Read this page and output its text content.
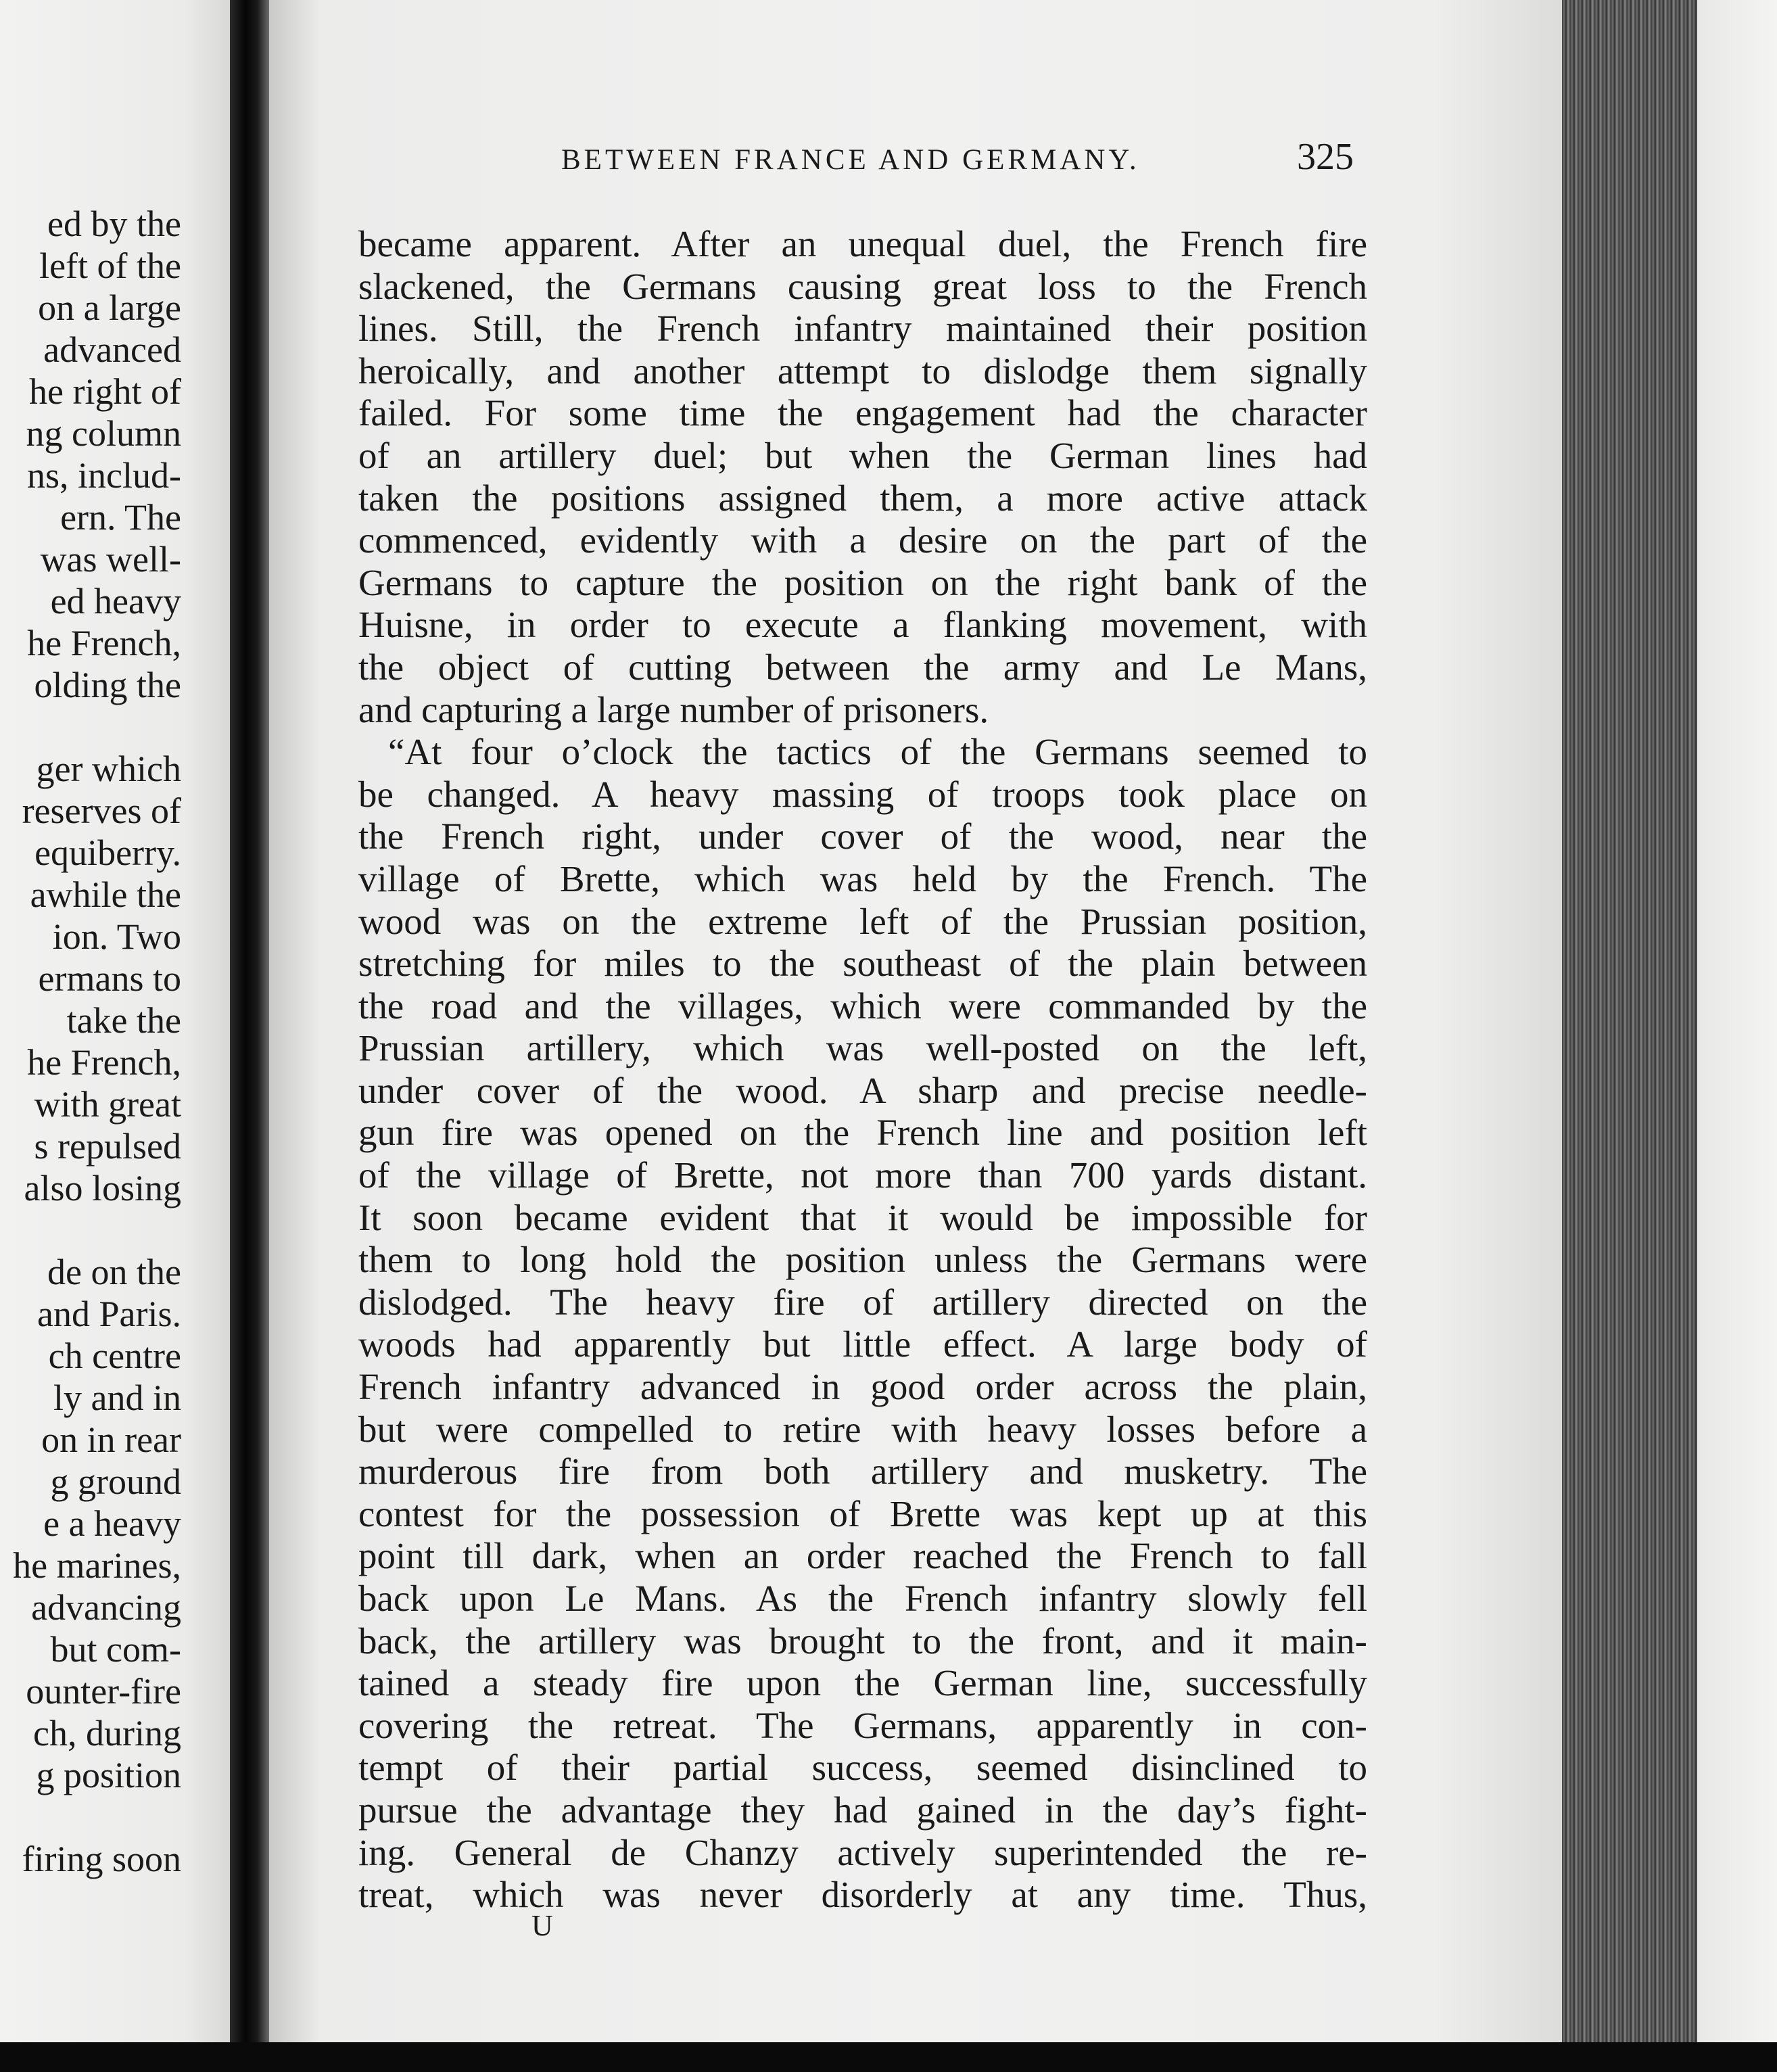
ed by the
left of the
on a large
advanced
he right of
ng column
ns, includ-
ern. The
was well-
ed heavy
he French,
olding the
ger which
reserves of
equiberry.
awhile the
ion. Two
ermans to
take the
he French,
with great
s repulsed
also losing
de on the
and Paris.
ch centre
ly and in
on in rear
g ground
e a heavy
he marines,
advancing
but com-
ounter-fire
ch, during
g position
firing soon
BETWEEN FRANCE AND GERMANY.	325
became apparent. After an unequal duel, the French fire
slackened, the Germans causing great loss to the French
lines. Still, the French infantry maintained their position
heroically, and another attempt to dislodge them signally
failed. For some time the engagement had the character
of an artillery duel; but when the German lines had
taken the positions assigned them, a more active attack
commenced, evidently with a desire on the part of the
Germans to capture the position on the right bank of the
Huisne, in order to execute a flanking movement, with
the object of cutting between the army and Le Mans,
and capturing a large number of prisoners.
“At four o’clock the tactics of the Germans seemed to
be changed. A heavy massing of troops took place on
the French right, under cover of the wood, near the
village of Brette, which was held by the French. The
wood was on the extreme left of the Prussian position,
stretching for miles to the southeast of the plain between
the road and the villages, which were commanded by the
Prussian artillery, which was well-posted on the left,
under cover of the wood. A sharp and precise needle-
gun fire was opened on the French line and position left
of the village of Brette, not more than 700 yards distant.
It soon became evident that it would be impossible for
them to long hold the position unless the Germans were
dislodged. The heavy fire of artillery directed on the
woods had apparently but little effect. A large body of
French infantry advanced in good order across the plain,
but were compelled to retire with heavy losses before a
murderous fire from both artillery and musketry. The
contest for the possession of Brette was kept up at this
point till dark, when an order reached the French to fall
back upon Le Mans. As the French infantry slowly fell
back, the artillery was brought to the front, and it main-
tained a steady fire upon the German line, successfully
covering the retreat. The Germans, apparently in con-
tempt of their partial success, seemed disinclined to
pursue the advantage they had gained in the day’s fight-
ing. General de Chanzy actively superintended the re-
treat, which was never disorderly at any time. Thus,
U
